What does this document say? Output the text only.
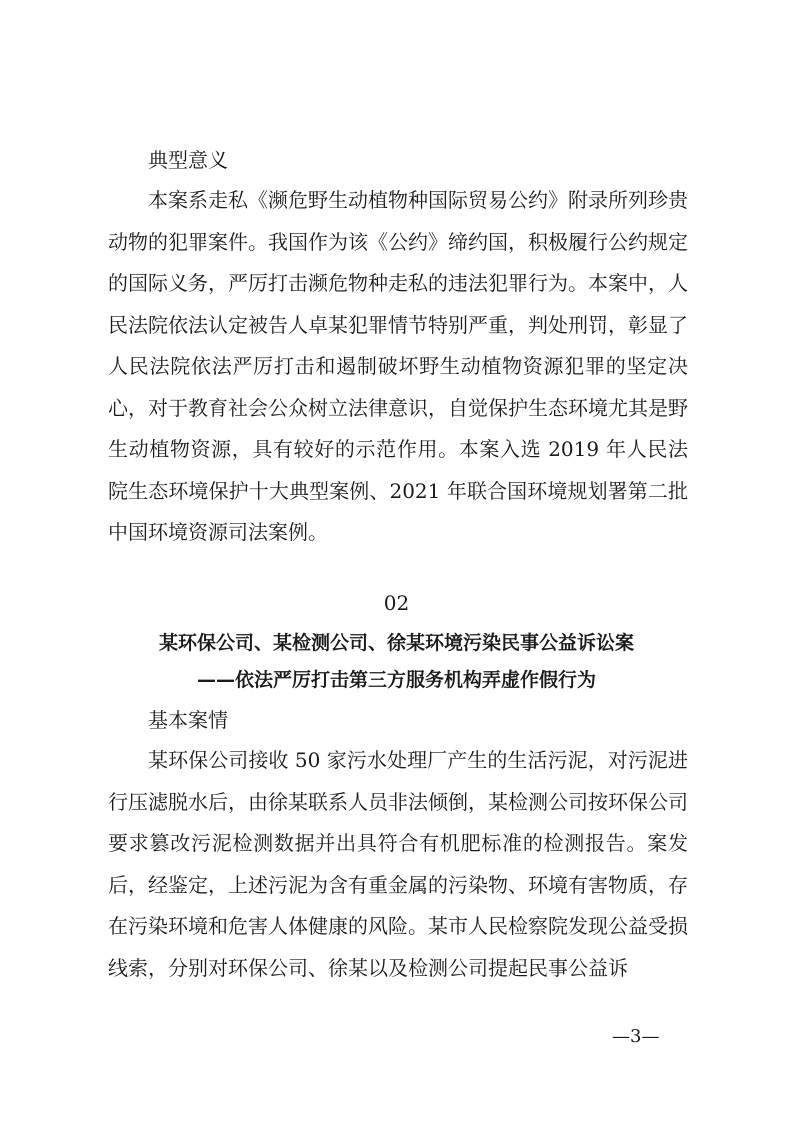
典型意义

本案系走私《濒危野生动植物种国际贸易公约》附录所列珍贵动物的犯罪案件。我国作为该《公约》缔约国，积极履行公约规定的国际义务，严厉打击濒危物种走私的违法犯罪行为。本案中，人民法院依法认定被告人卓某犯罪情节特别严重，判处刑罚，彰显了人民法院依法严厉打击和遏制破坏野生动植物资源犯罪的坚定决心，对于教育社会公众树立法律意识，自觉保护生态环境尤其是野生动植物资源，具有较好的示范作用。本案入选 2019 年人民法院生态环境保护十大典型案例、2021 年联合国环境规划署第二批中国环境资源司法案例。

02
某环保公司、某检测公司、徐某环境污染民事公益诉讼案
——依法严厉打击第三方服务机构弄虚作假行为
基本案情

某环保公司接收 50 家污水处理厂产生的生活污泥，对污泥进行压滤脱水后，由徐某联系人员非法倾倒，某检测公司按环保公司要求篡改污泥检测数据并出具符合有机肥标准的检测报告。案发后，经鉴定，上述污泥为含有重金属的污染物、环境有害物质，存在污染环境和危害人体健康的风险。某市人民检察院发现公益受损线索，分别对环保公司、徐某以及检测公司提起民事公益诉

—3—
